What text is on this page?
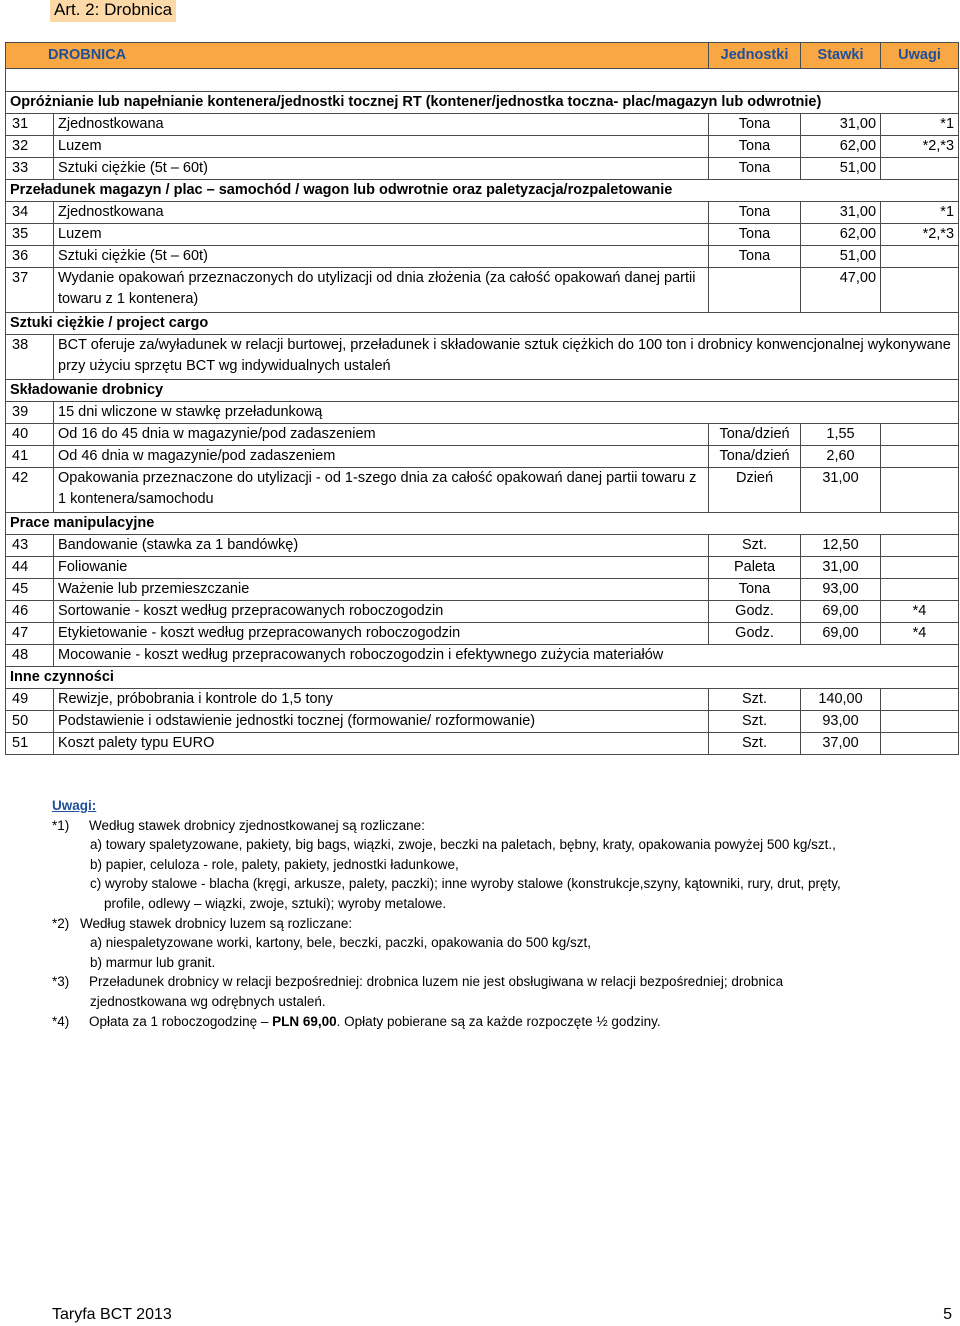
Art. 2: Drobnica
DROBNICA		Jednostki	Stawki	Uwagi

Opróżnianie lub napełnianie kontenera/jednostki tocznej RT (kontener/jednostka toczna- plac/magazyn lub odwrotnie)				
31	Zjednostkowana	Tona	31,00	*1
32	Luzem	Tona	62,00	*2,*3
33	Sztuki ciężkie (5t – 60t)	Tona	51,00	
Przeładunek magazyn / plac – samochód / wagon lub odwrotnie oraz paletyzacja/rozpaletowanie				
34	Zjednostkowana	Tona	31,00	*1
35	Luzem	Tona	62,00	*2,*3
36	Sztuki ciężkie (5t – 60t)	Tona	51,00	
37	Wydanie opakowań przeznaczonych do utylizacji od dnia złożenia (za całość opakowań danej partii towaru z 1 kontenera)		47,00	
Sztuki ciężkie / project cargo				
38	BCT oferuje za/wyładunek w relacji burtowej, przeładunek i składowanie sztuk ciężkich do 100 ton i drobnicy konwencjonalnej wykonywane przy użyciu sprzętu BCT wg indywidualnych ustaleń			
Składowanie drobnicy				
39	15 dni wliczone w stawkę przeładunkową			
40	Od 16 do 45 dnia w magazynie/pod zadaszeniem	Tona/dzień	1,55	
41	Od 46 dnia w magazynie/pod zadaszeniem	Tona/dzień	2,60	
42	Opakowania przeznaczone do utylizacji - od 1-szego dnia za całość opakowań danej partii towaru z 1 kontenera/samochodu	Dzień	31,00	
Prace manipulacyjne				
43	Bandowanie (stawka za 1 bandówkę)	Szt.	12,50	
44	Foliowanie	Paleta	31,00	
45	Ważenie lub przemieszczanie	Tona	93,00	
46	Sortowanie - koszt według przepracowanych roboczogodzin	Godz.	69,00	*4
47	Etykietowanie - koszt według przepracowanych roboczogodzin	Godz.	69,00	*4
48	Mocowanie - koszt według przepracowanych roboczogodzin i efektywnego zużycia materiałów			
Inne czynności				
49	Rewizje, próbobrania i kontrole do 1,5 tony	Szt.	140,00	
50	Podstawienie i odstawienie jednostki tocznej (formowanie/ rozformowanie)	Szt.	93,00	
51	Koszt palety typu EURO	Szt.	37,00	
Uwagi:
*1)	Według stawek drobnicy zjednostkowanej są rozliczane:
a) towary spaletyzowane, pakiety, big bags, wiązki, zwoje, beczki na paletach, bębny, kraty, opakowania powyżej 500 kg/szt.,
b) papier, celuloza - role, palety, pakiety, jednostki ładunkowe,
c) wyroby stalowe - blacha (kręgi, arkusze, palety, paczki); inne wyroby stalowe (konstrukcje,szyny, kątowniki, rury, drut, pręty,
profile, odlewy – wiązki, zwoje, sztuki); wyroby metalowe.
*2) Według stawek drobnicy luzem są rozliczane:
a) niespaletyzowane worki, kartony, bele, beczki, paczki, opakowania do 500 kg/szt,
b) marmur lub granit.
*3)	Przeładunek drobnicy w relacji bezpośredniej: drobnica luzem nie jest obsługiwana w relacji bezpośredniej; drobnica
zjednostkowana wg odrębnych ustaleń.
*4)	Opłata za 1 roboczogodzinę – PLN 69,00. Opłaty pobierane są za każde rozpoczęte ½ godziny.
Taryfa BCT 2013	5
